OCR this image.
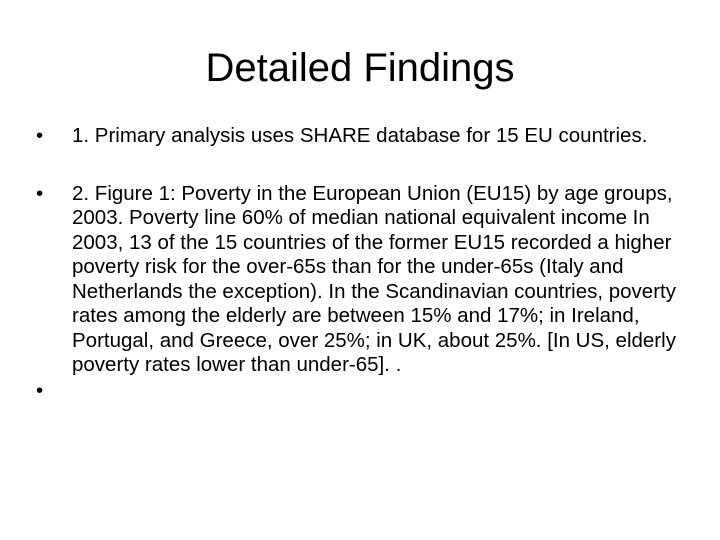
Detailed Findings
•	1. Primary analysis uses SHARE database for 15 EU countries.
•	2. Figure 1: Poverty in the European Union (EU15) by age groups, 2003. Poverty line 60% of median national equivalent income In 2003, 13 of the 15 countries of the former EU15 recorded a higher poverty risk for the over-65s than for the under-65s (Italy and Netherlands the exception). In the Scandinavian countries, poverty rates among the elderly are between 15% and 17%; in Ireland, Portugal, and Greece, over 25%; in UK, about 25%. [In US, elderly poverty rates lower than under-65]. .
•
